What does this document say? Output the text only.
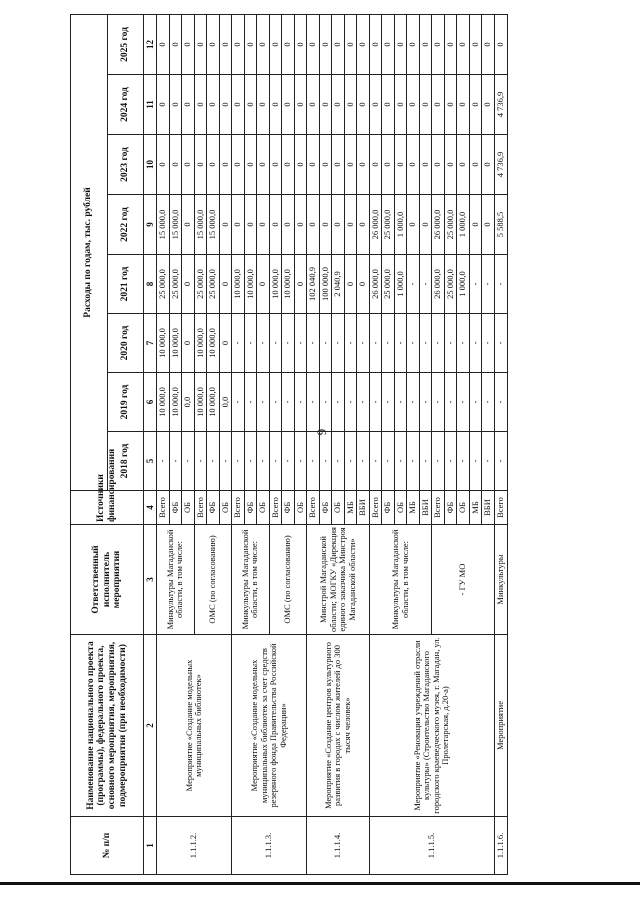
6
№ п/п	Наименование национального проекта (программы), федерального проекта, основного мероприятия, мероприятия, подмероприятия (при необходимости)	Ответственный исполнитель мероприятия	Источники финансирования	Расходы по годам, тыс. рублей							
				2018 год	2019 год	2020 год	2021 год	2022 год	2023 год	2024 год	2025 год
1	2	3	4	5	6	7	8	9	10	11	12
1.1.1.2.	Мероприятие «Создание модельных муниципальных библиотек»	Минкультуры Магаданской области, в том числе:	Всего	-	10 000,0	10 000,0	25 000,0	15 000,0	0	0	0
			ФБ	-	10 000,0	10 000,0	25 000,0	15 000,0	0	0	0
			ОБ	-	0,0	0	0	0	0	0	0
		ОМС (по согласованию)	Всего	-	10 000,0	10 000,0	25 000,0	15 000,0	0	0	0
			ФБ	-	10 000,0	10 000,0	25 000,0	15 000,0	0	0	0
			ОБ	-	0,0	0	0	0	0	0	0
1.1.1.3.	Мероприятие «Создание модельных муниципальных библиотек за счет средств резервного фонда Правительства Российской Федерации»	Минкультуры Магаданской области, в том числе:	Всего	-	-	-	10 000,0	0	0	0	0
			ФБ	-	-	-	10 000,0	0	0	0	0
			ОБ	-	-	-	0	0	0	0	0
		ОМС (по согласованию)	Всего	-	-	-	10 000,0	0	0	0	0
			ФБ	-	-	-	10 000,0	0	0	0	0
			ОБ	-	-	-	0	0	0	0	0
1.1.1.4.	Мероприятие «Создание центров культурного развития в городах с числом жителей до 300 тысяч человек»	Минстрой Магаданской области; МОГКУ «Дирекция единого заказчика Минстроя Магаданской области»	Всего	-	-	-	102 040,9	0	0	0	0
			ФБ	-	-	-	100 000,0	0	0	0	0
			ОБ	-	-	-	2 040,9	0	0	0	0
			МБ	-	-	-	0	0	0	0	0
			ВБИ	-	-	-	0	0	0	0	0
1.1.1.5.	Мероприятие «Реновация учреждений отрасли культуры» (Строительство Магаданского городского краеведческого музея, г. Магадан, ул. Пролетарская, д.20-а)	Минкультуры Магаданской области, в том числе:	Всего	-	-	-	26 000,0	26 000,0	0	0	0
			ФБ	-	-	-	25 000,0	25 000,0	0	0	0
			ОБ	-	-	-	1 000,0	1 000,0	0	0	0
			МБ	-	-	-	-	0	0	0	0
			ВБИ	-	-	-	-	0	0	0	0
		- ГУ МО	Всего	-	-	-	26 000,0	26 000,0	0	0	0
			ФБ	-	-	-	25 000,0	25 000,0	0	0	0
			ОБ	-	-	-	1 000,0	1 000,0	0	0	0
			МБ	-	-	-	-	0	0	0	0
			ВБИ	-	-	-	-	0	0	0	0
1.1.1.6.	Мероприятие	Минкультуры	Всего	-	-	-	-	5 588,5	4 736,9	4 736,9	0
